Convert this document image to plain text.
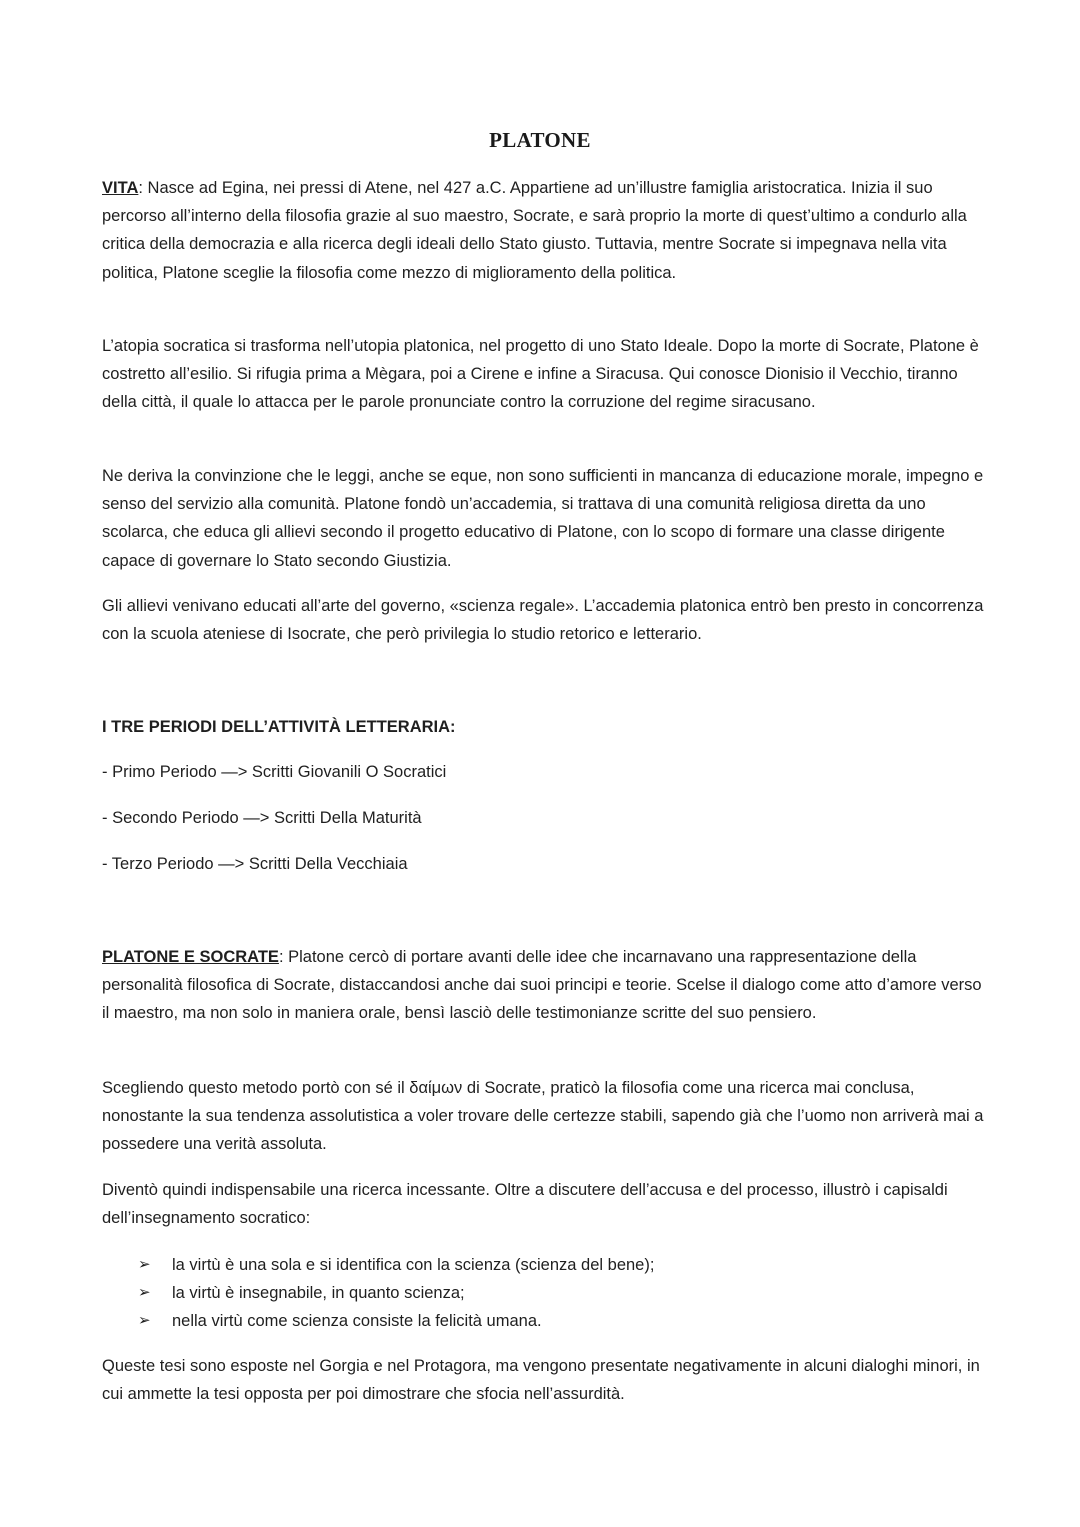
PLATONE

VITA: Nasce ad Egina, nei pressi di Atene, nel 427 a.C. Appartiene ad un’illustre famiglia aristocratica. Inizia il suo percorso all’interno della filosofia grazie al suo maestro, Socrate, e sarà proprio la morte di quest’ultimo a condurlo alla critica della democrazia e alla ricerca degli ideali dello Stato giusto. Tuttavia, mentre Socrate si impegnava nella vita politica, Platone sceglie la filosofia come mezzo di miglioramento della politica.

L’atopia socratica si trasforma nell’utopia platonica, nel progetto di uno Stato Ideale. Dopo la morte di Socrate, Platone è costretto all’esilio. Si rifugia prima a Mègara, poi a Cirene e infine a Siracusa. Qui conosce Dionisio il Vecchio, tiranno della città, il quale lo attacca per le parole pronunciate contro la corruzione del regime siracusano.

Ne deriva la convinzione che le leggi, anche se eque, non sono sufficienti in mancanza di educazione morale, impegno e senso del servizio alla comunità. Platone fondò un’accademia, si trattava di una comunità religiosa diretta da uno scolarca, che educa gli allievi secondo il progetto educativo di Platone, con lo scopo di formare una classe dirigente capace di governare lo Stato secondo Giustizia.

Gli allievi venivano educati all’arte del governo, «scienza regale». L’accademia platonica entrò ben presto in concorrenza con la scuola ateniese di Isocrate, che però privilegia lo studio retorico e letterario.

I TRE PERIODI DELL’ATTIVITÀ LETTERARIA:

- Primo Periodo —> Scritti Giovanili O Socratici

- Secondo Periodo —> Scritti Della Maturità

- Terzo Periodo —> Scritti Della Vecchiaia

PLATONE E SOCRATE: Platone cercò di portare avanti delle idee che incarnavano una rappresentazione della personalità filosofica di Socrate, distaccandosi anche dai suoi principi e teorie. Scelse il dialogo come atto d’amore verso il maestro, ma non solo in maniera orale, bensì lasciò delle testimonianze scritte del suo pensiero.

Scegliendo questo metodo portò con sé il δαίμων di Socrate, praticò la filosofia come una ricerca mai conclusa, nonostante la sua tendenza assolutistica a voler trovare delle certezze stabili, sapendo già che l’uomo non arriverà mai a possedere una verità assoluta.

Diventò quindi indispensabile una ricerca incessante. Oltre a discutere dell’accusa e del processo, illustrò i capisaldi dell’insegnamento socratico:

➢ la virtù è una sola e si identifica con la scienza (scienza del bene);
➢ la virtù è insegnabile, in quanto scienza;
➢ nella virtù come scienza consiste la felicità umana.

Queste tesi sono esposte nel Gorgia e nel Protagora, ma vengono presentate negativamente in alcuni dialoghi minori, in cui ammette la tesi opposta per poi dimostrare che sfocia nell’assurdità.
